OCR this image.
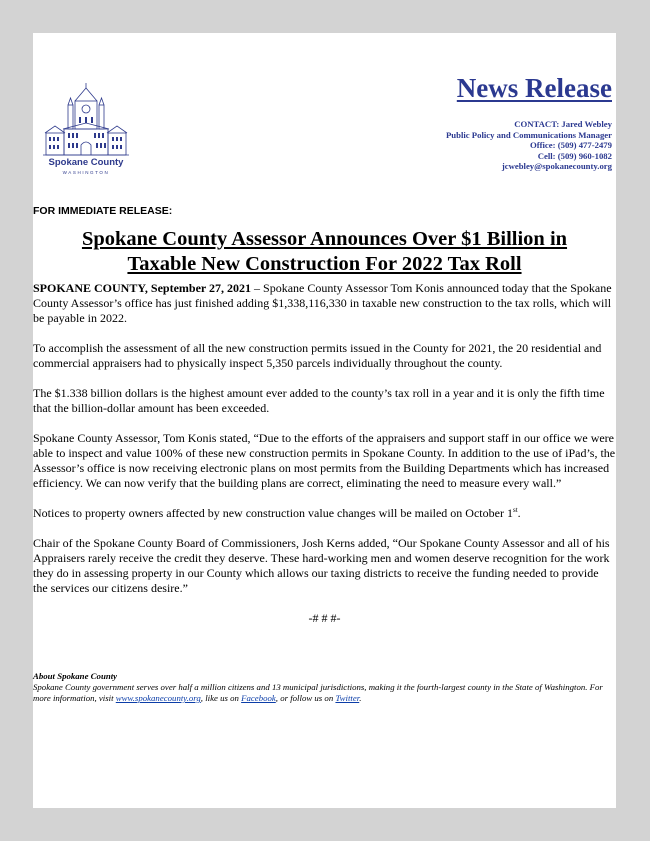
Spokane County
WASHINGTON
News Release
CONTACT: Jared Webley
Public Policy and Communications Manager
Office: (509) 477-2479
Cell: (509) 960-1082
jcwebley@spokanecounty.org
FOR IMMEDIATE RELEASE:
Spokane County Assessor Announces Over $1 Billion in
Taxable New Construction For 2022 Tax Roll

SPOKANE COUNTY, September 27, 2021 – Spokane County Assessor Tom Konis announced today that the Spokane County Assessor’s office has just finished adding $1,338,116,330 in taxable new construction to the tax rolls, which will be payable in 2022.

To accomplish the assessment of all the new construction permits issued in the County for 2021, the 20 residential and commercial appraisers had to physically inspect 5,350 parcels individually throughout the county.

The $1.338 billion dollars is the highest amount ever added to the county’s tax roll in a year and it is only the fifth time that the billion-dollar amount has been exceeded.

Spokane County Assessor, Tom Konis stated, “Due to the efforts of the appraisers and support staff in our office we were able to inspect and value 100% of these new construction permits in Spokane County. In addition to the use of iPad’s, the Assessor’s office is now receiving electronic plans on most permits from the Building Departments which has increased efficiency. We can now verify that the building plans are correct, eliminating the need to measure every wall.”

Notices to property owners affected by new construction value changes will be mailed on October 1st.

Chair of the Spokane County Board of Commissioners, Josh Kerns added, “Our Spokane County Assessor and all of his Appraisers rarely receive the credit they deserve. These hard-working men and women deserve recognition for the work they do in assessing property in our County which allows our taxing districts to receive the funding needed to provide the services our citizens desire.”

-# # #-

About Spokane County

Spokane County government serves over half a million citizens and 13 municipal jurisdictions, making it the fourth-largest county in the State of Washington. For more information, visit www.spokanecounty.org, like us on Facebook, or follow us on Twitter.
